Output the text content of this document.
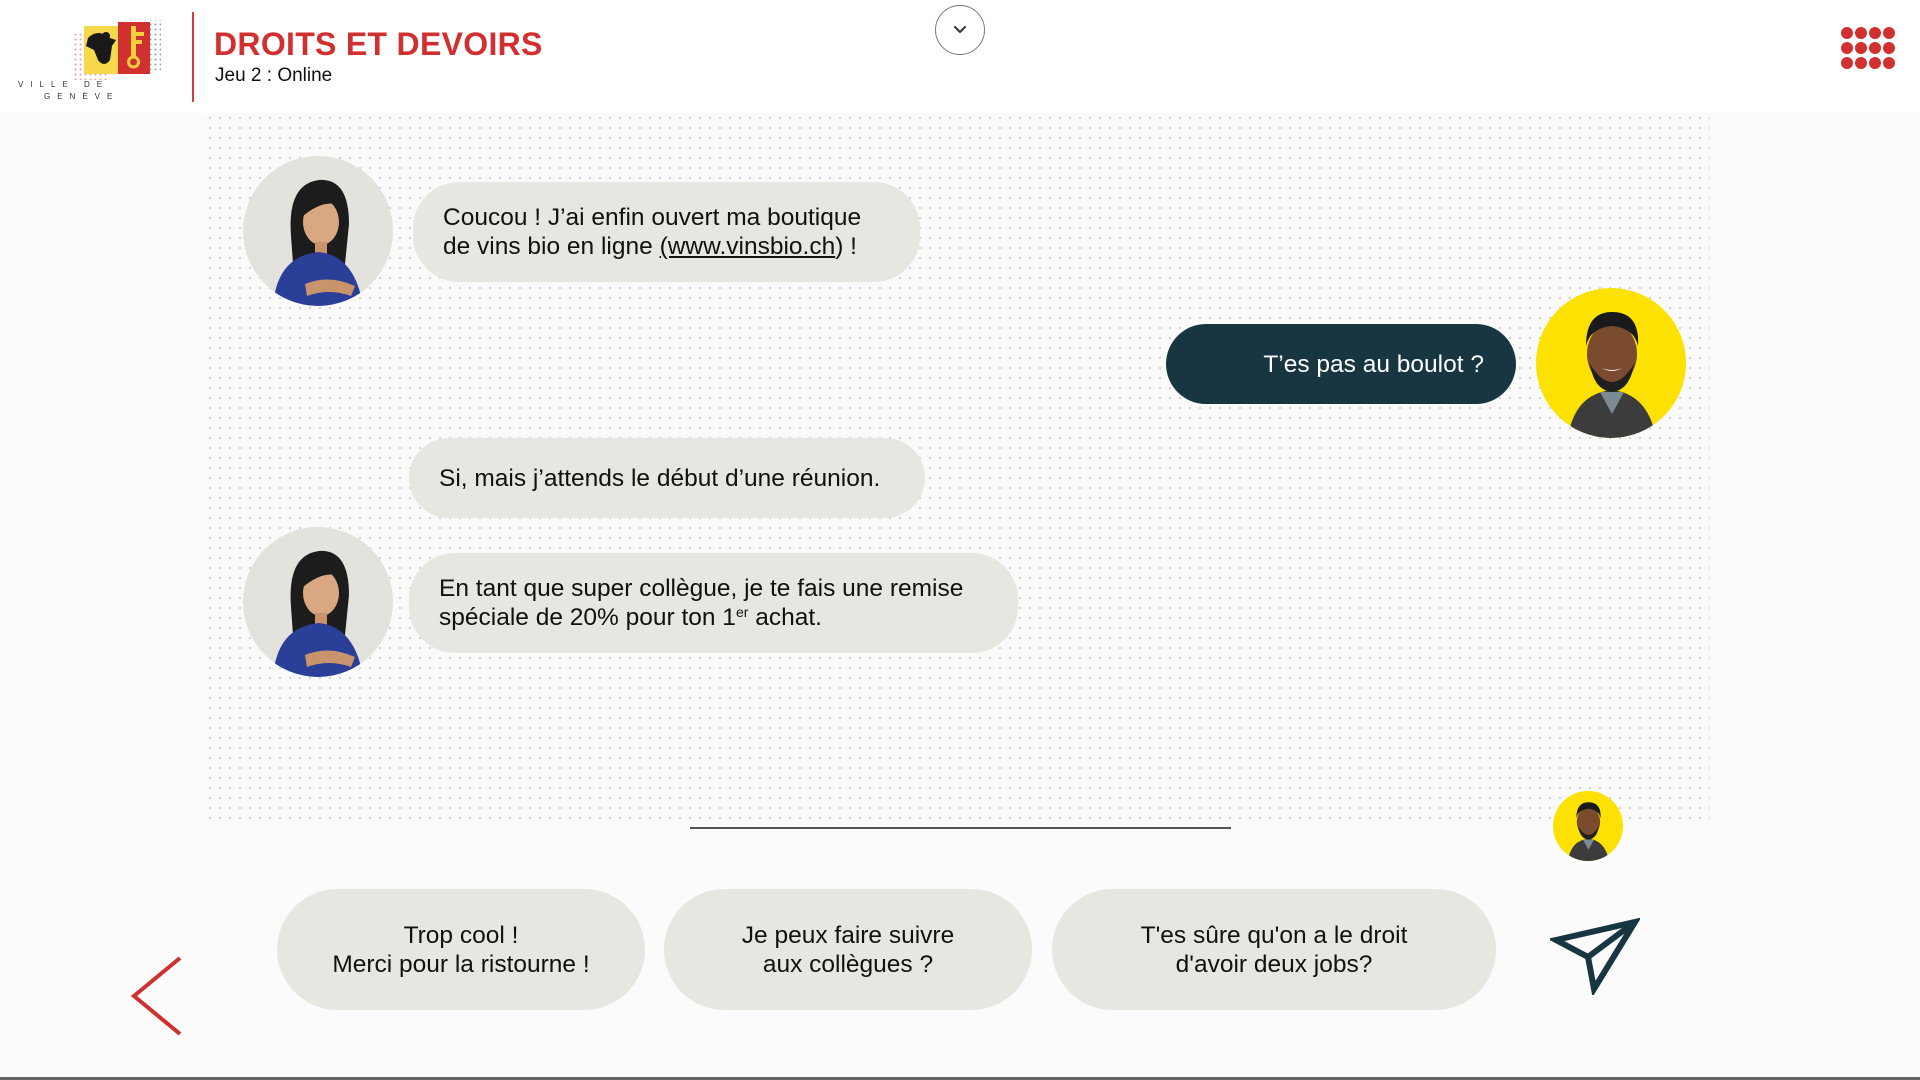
VILLE DE
GENÈVE
DROITS ET DEVOIRS
Jeu 2 : Online
Coucou ! J’ai enfin ouvert ma boutique
de vins bio en ligne (www.vinsbio.ch) !
T’es pas au boulot ?
Si, mais j’attends le début d’une réunion.
En tant que super collègue, je te fais une remise
spéciale de 20% pour ton 1er achat.
Trop cool !
Merci pour la ristourne !
Je peux faire suivre
aux collègues ?
T'es sûre qu'on a le droit
d'avoir deux jobs?
